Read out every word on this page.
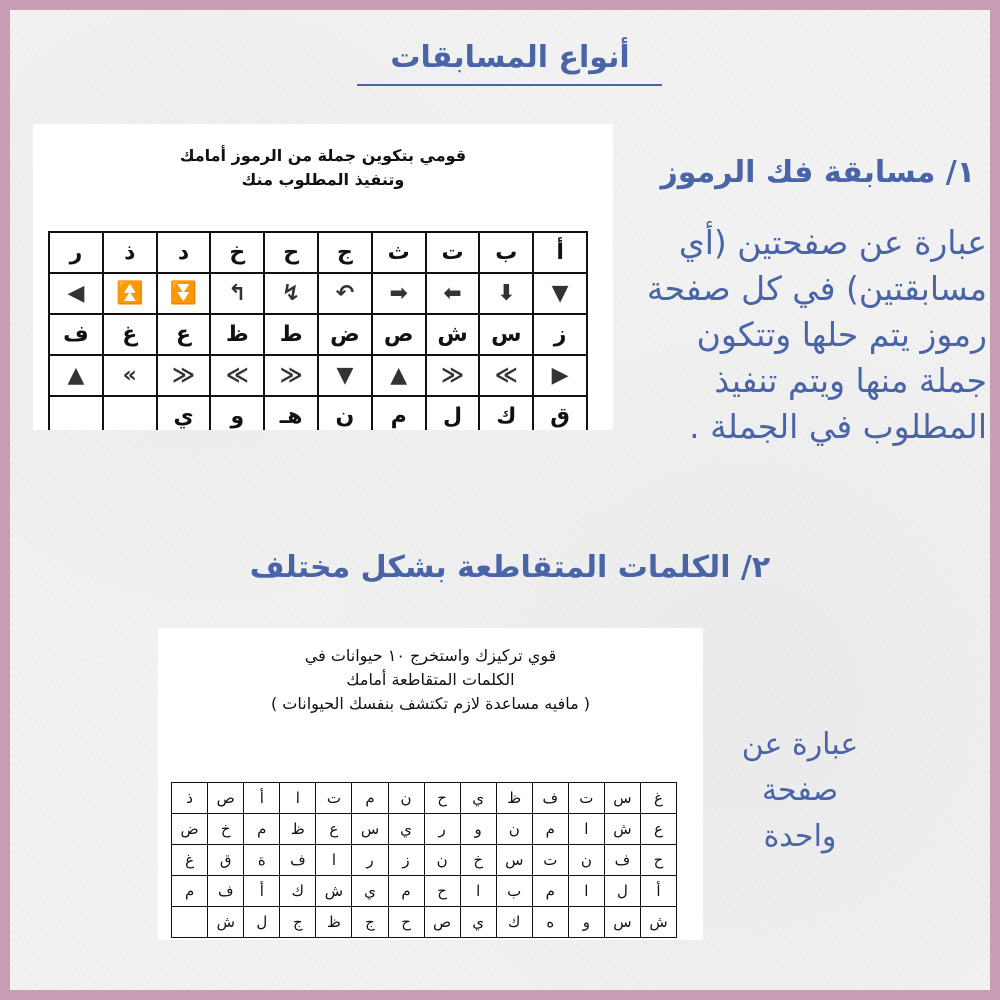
أنواع المسابقات
قومي بتكوين جملة من الرموز أمامك
وتنفيذ المطلوب منك
أ	ب	ت	ث	ج	ح	خ	د	ذ	ر
▼	⬇	⬅	➡	↶	↯	↰	⏬	⏫	◀
ز	س	ش	ص	ض	ط	ظ	ع	غ	ف
▶	≫	≪	▲	▼	≪	≫	≪	»	▲
ق	ك	ل	م	ن	هـ	و	ي		
١/ مسابقة فك الرموز

عبارة عن صفحتين (أي مسابقتين) في كل صفحة رموز يتم حلها وتتكون جملة منها ويتم تنفيذ المطلوب في الجملة .

٢/ الكلمات المتقاطعة بشكل مختلف
قوي تركيزك واستخرج ١٠ حيوانات في
الكلمات المتقاطعة أمامك
( مافيه مساعدة لازم تكتشف بنفسك الحيوانات )
غ	س	ت	ف	ظ	ي	ح	ن	م	ت	ا	أ	ص	ذ
ع	ش	ا	م	ن	و	ر	ي	س	ع	ظ	م	خ	ض
ح	ف	ن	ت	س	خ	ن	ز	ر	ا	ف	ة	ق	غ
أ	ل	ا	م	ب	ا	ح	م	ي	ش	ك	أ	ف	م
ش	س	و	ه	ك	ي	ص	ح	ج	ظ	ج	ل	ش	

عبارة عن صفحة واحدة
